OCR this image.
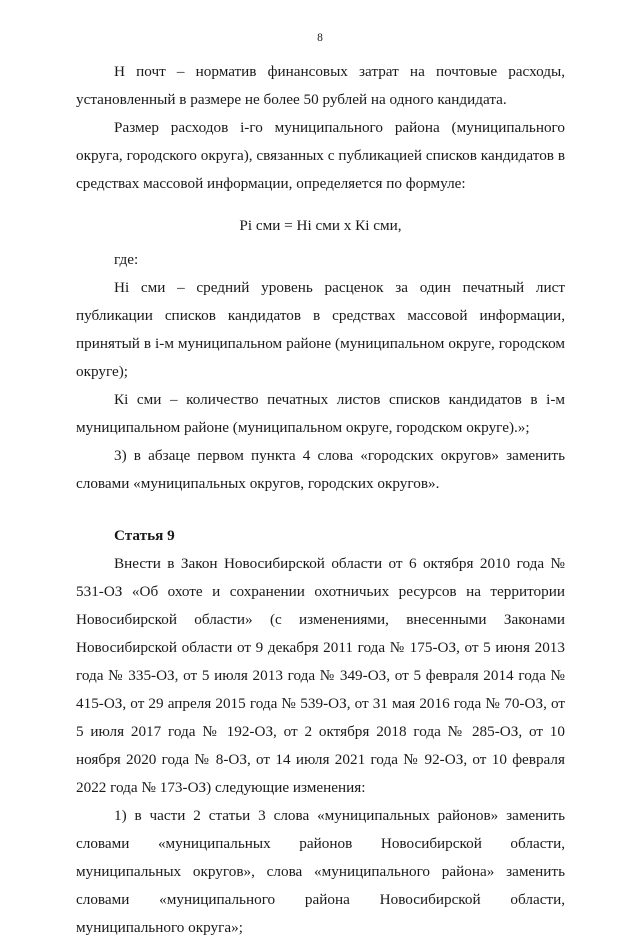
8

Н почт – норматив финансовых затрат на почтовые расходы, установленный в размере не более 50 рублей на одного кандидата.

Размер расходов i-го муниципального района (муниципального округа, городского округа), связанных с публикацией списков кандидатов в средствах массовой информации, определяется по формуле:

Рi сми = Нi сми х Кi сми,

где:

Нi сми – средний уровень расценок за один печатный лист публикации списков кандидатов в средствах массовой информации, принятый в i-м муниципальном районе (муниципальном округе, городском округе);

Кi сми – количество печатных листов списков кандидатов в i-м муниципальном районе (муниципальном округе, городском округе).»;

3) в абзаце первом пункта 4 слова «городских округов» заменить словами «муниципальных округов, городских округов».

Статья 9

Внести в Закон Новосибирской области от 6 октября 2010 года № 531-ОЗ «Об охоте и сохранении охотничьих ресурсов на территории Новосибирской области» (с изменениями, внесенными Законами Новосибирской области от 9 декабря 2011 года № 175-ОЗ, от 5 июня 2013 года № 335-ОЗ, от 5 июля 2013 года № 349-ОЗ, от 5 февраля 2014 года № 415-ОЗ, от 29 апреля 2015 года № 539-ОЗ, от 31 мая 2016 года № 70-ОЗ, от 5 июля 2017 года № 192-ОЗ, от 2 октября 2018 года № 285-ОЗ, от 10 ноября 2020 года № 8-ОЗ, от 14 июля 2021 года № 92-ОЗ, от 10 февраля 2022 года № 173-ОЗ) следующие изменения:

1) в части 2 статьи 3 слова «муниципальных районов» заменить словами «муниципальных районов Новосибирской области, муниципальных округов», слова «муниципального района» заменить словами «муниципального района Новосибирской области, муниципального округа»;
